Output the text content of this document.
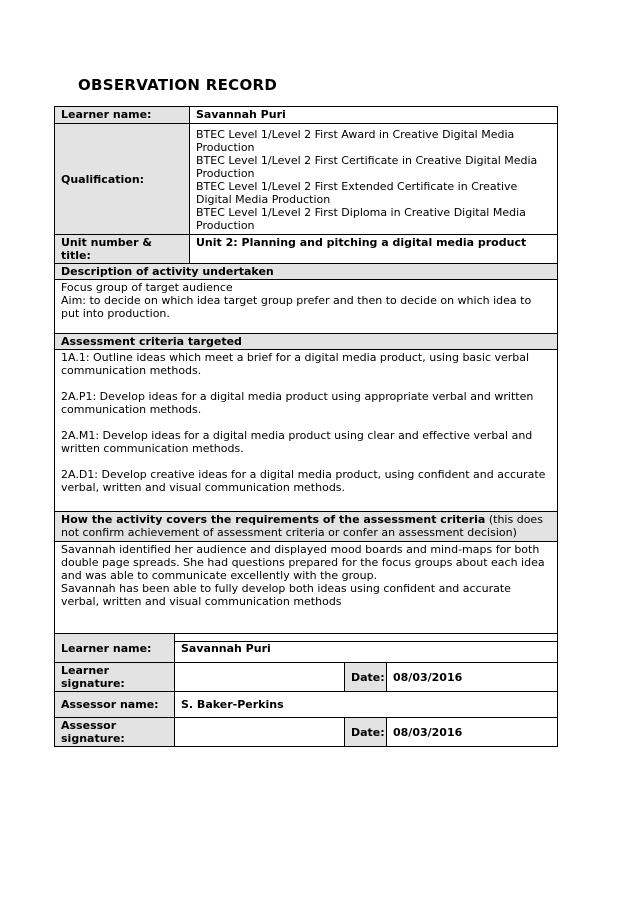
OBSERVATION RECORD
Learner name:	Savannah Puri
Qualification:	BTEC Level 1/Level 2 First Award in Creative Digital Media Production

BTEC Level 1/Level 2 First Certificate in Creative Digital Media Production

BTEC Level 1/Level 2 First Extended Certificate in Creative Digital Media Production

BTEC Level 1/Level 2 First Diploma in Creative Digital Media Production

Unit number & title:	Unit 2: Planning and pitching a digital media product
Description of activity undertaken	

Focus group of target audience

Aim: to decide on which idea target group prefer and then to decide on which idea to put into production.	

Assessment criteria targeted	

1A.1: Outline ideas which meet a brief for a digital media product, using basic verbal communication methods.

2A.P1: Develop ideas for a digital media product using appropriate verbal and written communication methods.

2A.M1: Develop ideas for a digital media product using clear and effective verbal and written communication methods.

2A.D1: Develop creative ideas for a digital media product, using confident and accurate verbal, written and visual communication methods.	

How the activity covers the requirements of the assessment criteria (this does not confirm achievement of assessment criteria or confer an assessment decision)	

Savannah identified her audience and displayed mood boards and mind-maps for both double page spreads. She had questions prepared for the focus groups about each idea and was able to communicate excellently with the group.

Savannah has been able to fully develop both ideas using confident and accurate verbal, written and visual communication methods	

Learner name:	Savannah Puri		
Learner signature:		Date:	08/03/2016
Assessor name:	S. Baker-Perkins		
Assessor signature:		Date:	08/03/2016
